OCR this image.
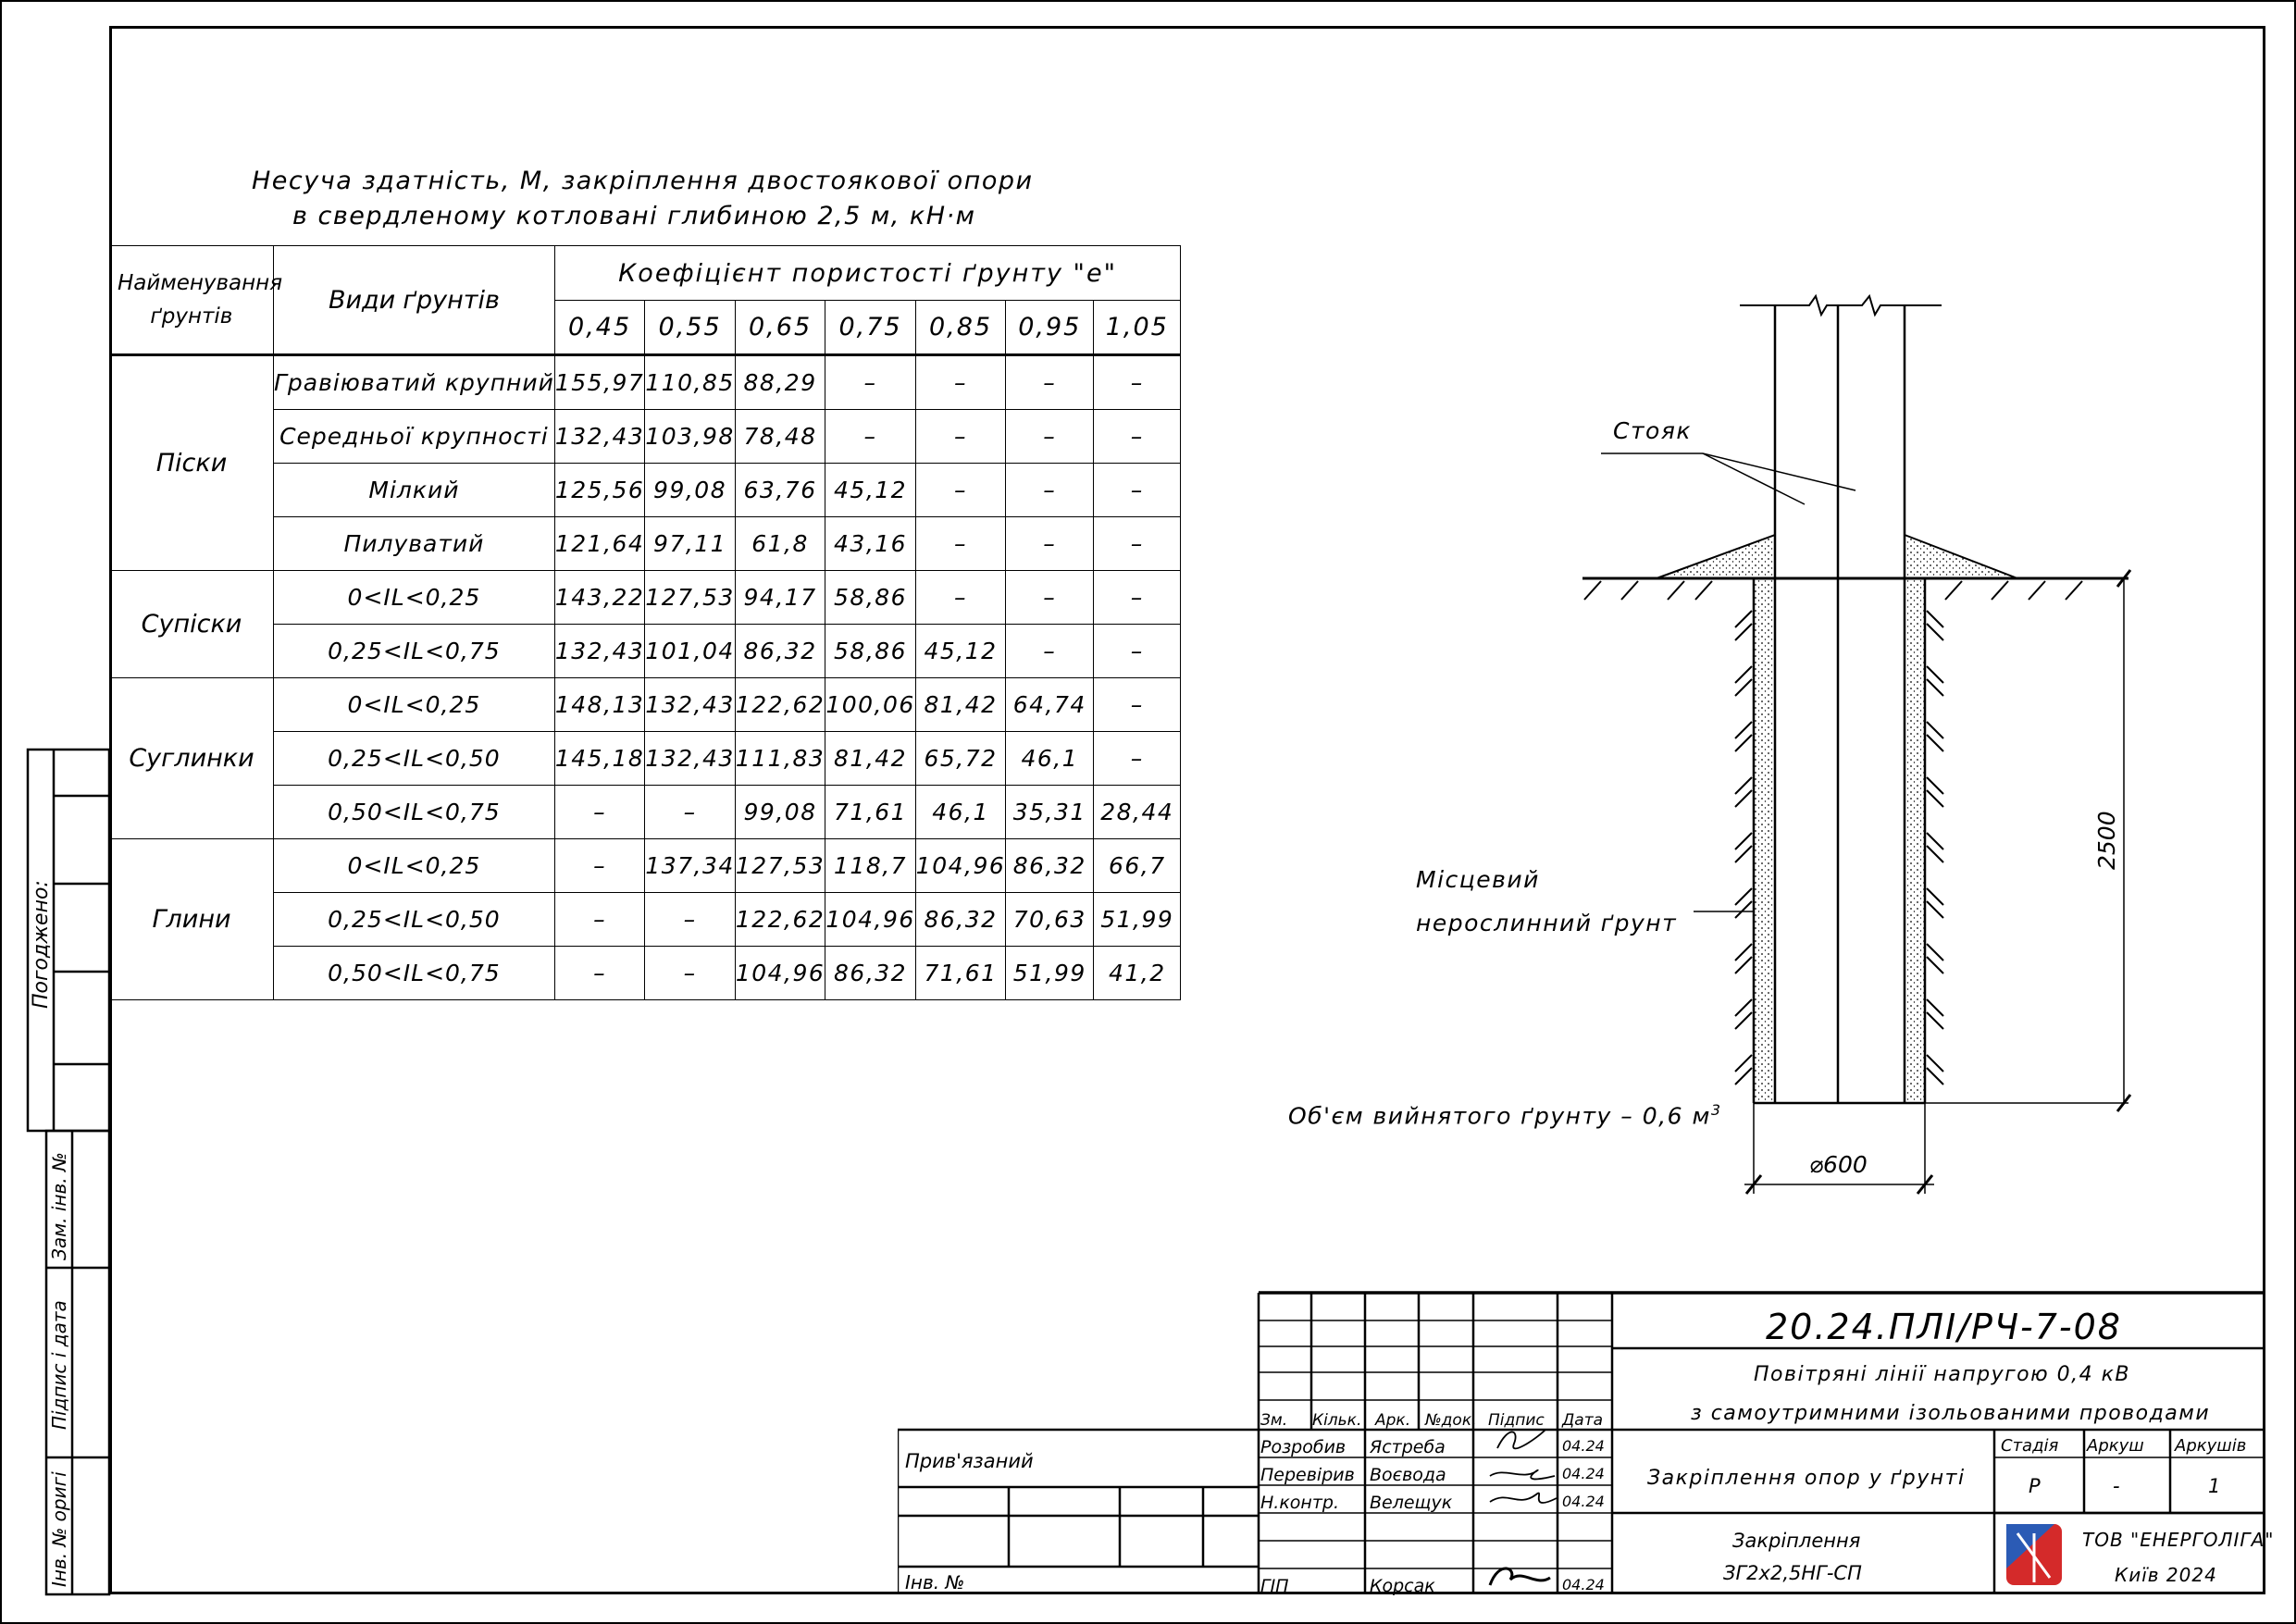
Несуча здатність, М, закріплення двостоякової опори
в свердленому котловані глибиною 2,5 м, кН·м
Найменування ґрунтів	Види ґрунтів	Коефіцієнт пористості ґрунту "е"						
		0,45	0,55	0,65	0,75	0,85	0,95	1,05
Піски	Гравіюватий крупний	155,97	110,85	88,29	–	–	–	–
	Середньої крупності	132,43	103,98	78,48	–	–	–	–
	Мілкий	125,56	99,08	63,76	45,12	–	–	–
	Пилуватий	121,64	97,11	61,8	43,16	–	–	–
Супіски	0<IL<0,25	143,22	127,53	94,17	58,86	–	–	–
	0,25<IL<0,75	132,43	101,04	86,32	58,86	45,12	–	–
Суглинки	0<IL<0,25	148,13	132,43	122,62	100,06	81,42	64,74	–
	0,25<IL<0,50	145,18	132,43	111,83	81,42	65,72	46,1	–
	0,50<IL<0,75	–	–	99,08	71,61	46,1	35,31	28,44
Глини	0<IL<0,25	–	137,34	127,53	118,7	104,96	86,32	66,7
	0,25<IL<0,50	–	–	122,62	104,96	86,32	70,63	51,99
	0,50<IL<0,75	–	–	104,96	86,32	71,61	51,99	41,2
Стояк
Місцевий
нерослинний ґрунт
Об'єм вийнятого ґрунту – 0,6 $м^3$
2500
⌀600
Погоджено:
Зам. інв. №
Підпис і дата
Інв. № оригі
20.24.ПЛІ/РЧ-7-08
Повітряні лінії напругою 0,4 кВ
з самоутримними ізольованими проводами
Закріплення опор у ґрунті
Закріплення
ЗГ2х2,5НГ-СП
Стадія Аркуш Аркушів
Р	-	1
ТОВ "ЕНЕРГОЛІГА"
Київ 2024
Прив'язаний
Інв. №
Зм. Кільк. Арк. №док. Підпис Дата
Розробив Ястреба	04.24
Перевірив Воєвода	04.24
Н.контр. Велещук	04.24
ГІП	Корсак	04.24
